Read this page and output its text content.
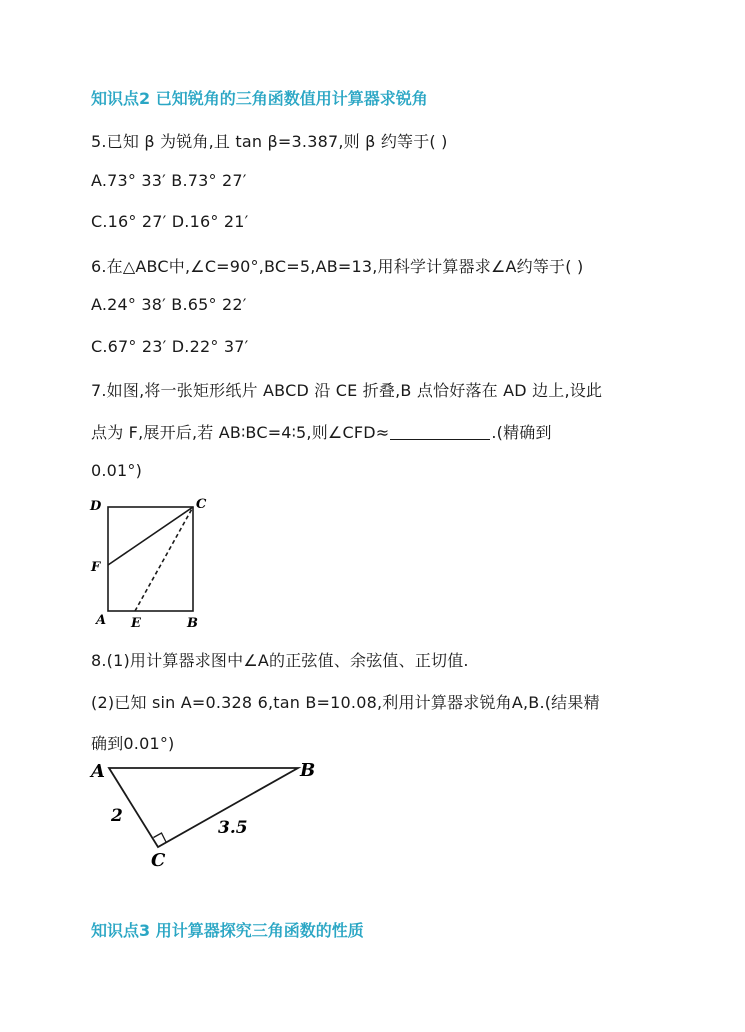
知识点2 已知锐角的三角函数值用计算器求锐角
5.已知 β 为锐角,且 tan β=3.387,则 β 约等于( )
A.73° 33′ B.73° 27′
C.16° 27′ D.16° 21′
6.在△ABC中,∠C=90°,BC=5,AB=13,用科学计算器求∠A约等于( )
A.24° 38′ B.65° 22′
C.67° 23′ D.22° 37′
7.如图,将一张矩形纸片 ABCD 沿 CE 折叠,B 点恰好落在 AD 边上,设此
点为 F,展开后,若 AB∶BC=4∶5,则∠CFD≈	.(精确到
0.01°)
D	C
F
A E	B
8.(1)用计算器求图中∠A的正弦值、余弦值、正切值.
(2)已知 sin A=0.328 6,tan B=10.08,利用计算器求锐角A,B.(结果精
确到0.01°)
A	B
C
2
3.5
知识点3 用计算器探究三角函数的性质
